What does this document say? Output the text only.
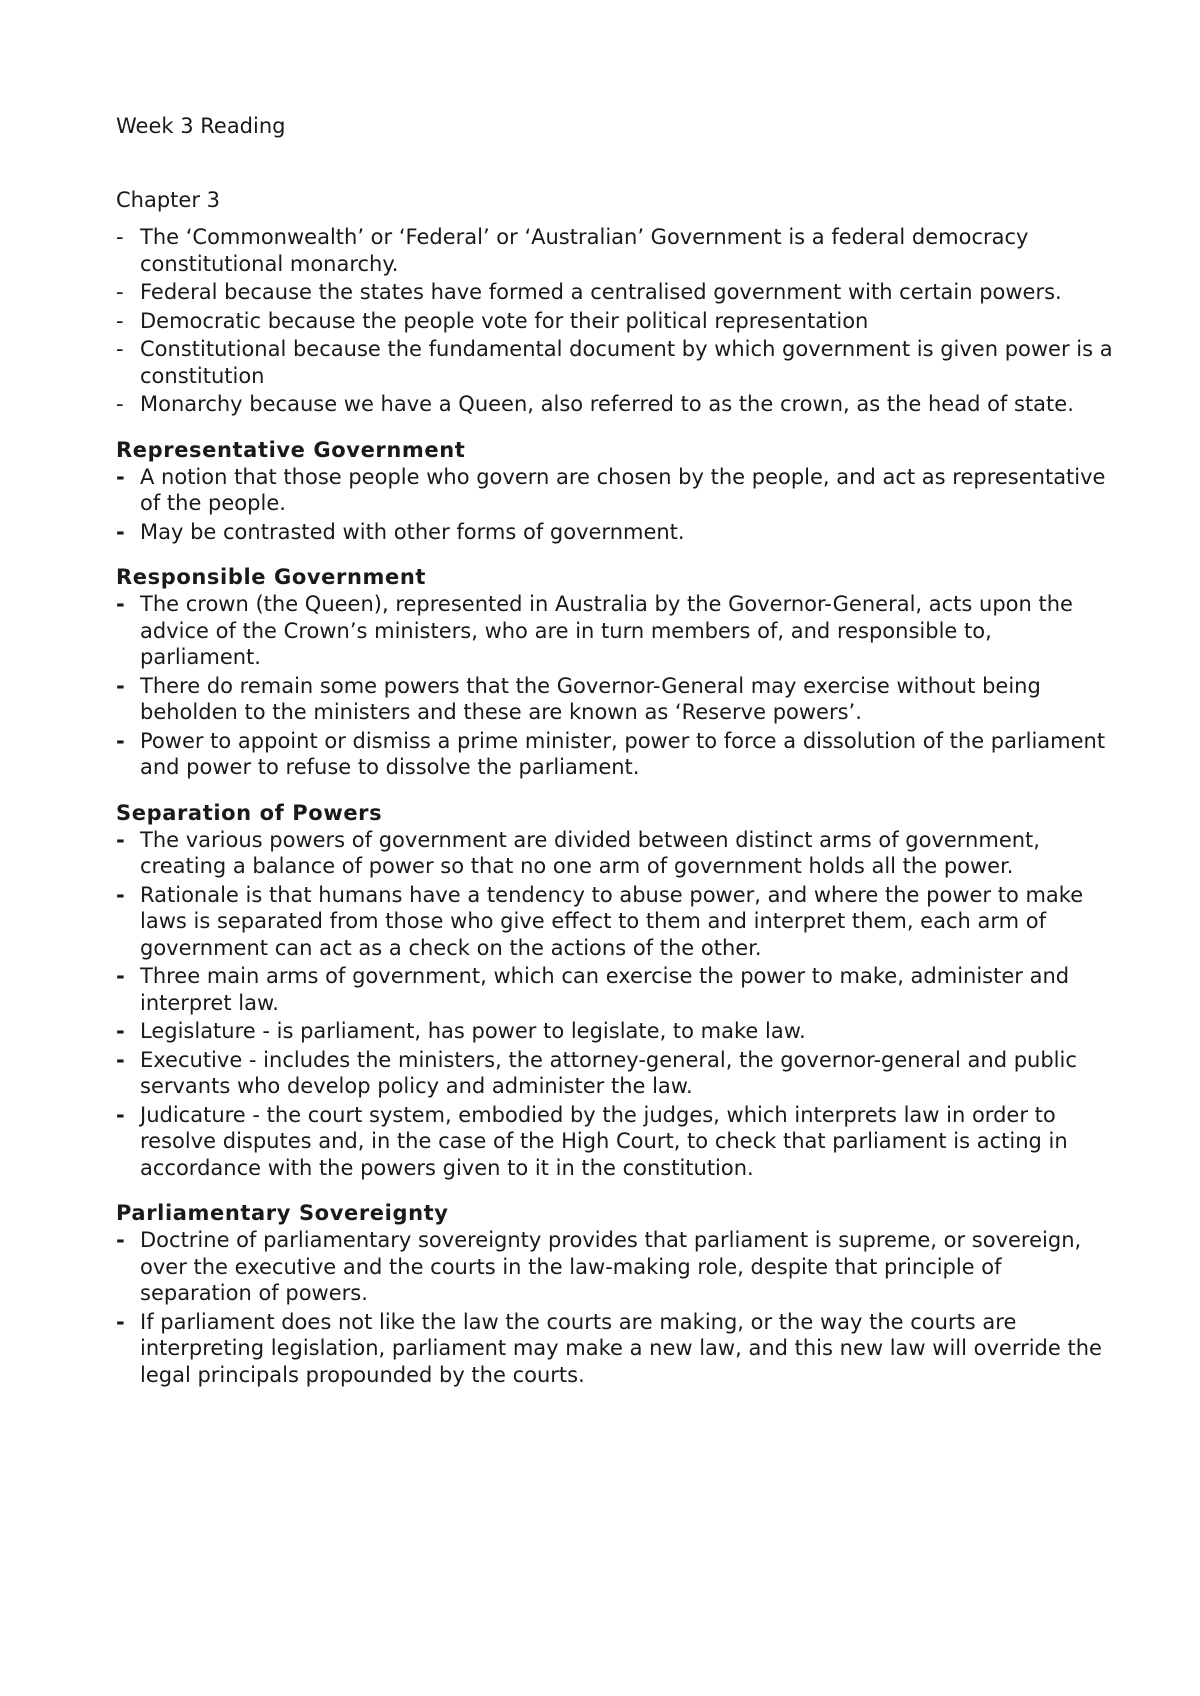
Week 3 Reading
Chapter 3
- The ‘Commonwealth’ or ‘Federal’ or ‘Australian’ Government is a federal democracy constitutional monarchy.
- Federal because the states have formed a centralised government with certain powers.
- Democratic because the people vote for their political representation
- Constitutional because the fundamental document by which government is given power is a constitution
- Monarchy because we have a Queen, also referred to as the crown, as the head of state.
Representative Government
- A notion that those people who govern are chosen by the people, and act as representative of the people.
- May be contrasted with other forms of government.
Responsible Government
- The crown (the Queen), represented in Australia by the Governor-General, acts upon the advice of the Crown’s ministers, who are in turn members of, and responsible to, parliament.
- There do remain some powers that the Governor-General may exercise without being beholden to the ministers and these are known as ‘Reserve powers’.
- Power to appoint or dismiss a prime minister, power to force a dissolution of the parliament and power to refuse to dissolve the parliament.
Separation of Powers
- The various powers of government are divided between distinct arms of government, creating a balance of power so that no one arm of government holds all the power.
- Rationale is that humans have a tendency to abuse power, and where the power to make laws is separated from those who give effect to them and interpret them, each arm of government can act as a check on the actions of the other.
- Three main arms of government, which can exercise the power to make, administer and interpret law.
- Legislature - is parliament, has power to legislate, to make law.
- Executive - includes the ministers, the attorney-general, the governor-general and public servants who develop policy and administer the law.
- Judicature - the court system, embodied by the judges, which interprets law in order to resolve disputes and, in the case of the High Court, to check that parliament is acting in accordance with the powers given to it in the constitution.
Parliamentary Sovereignty
- Doctrine of parliamentary sovereignty provides that parliament is supreme, or sovereign, over the executive and the courts in the law-making role, despite that principle of separation of powers.
- If parliament does not like the law the courts are making, or the way the courts are interpreting legislation, parliament may make a new law, and this new law will override the legal principals propounded by the courts.
